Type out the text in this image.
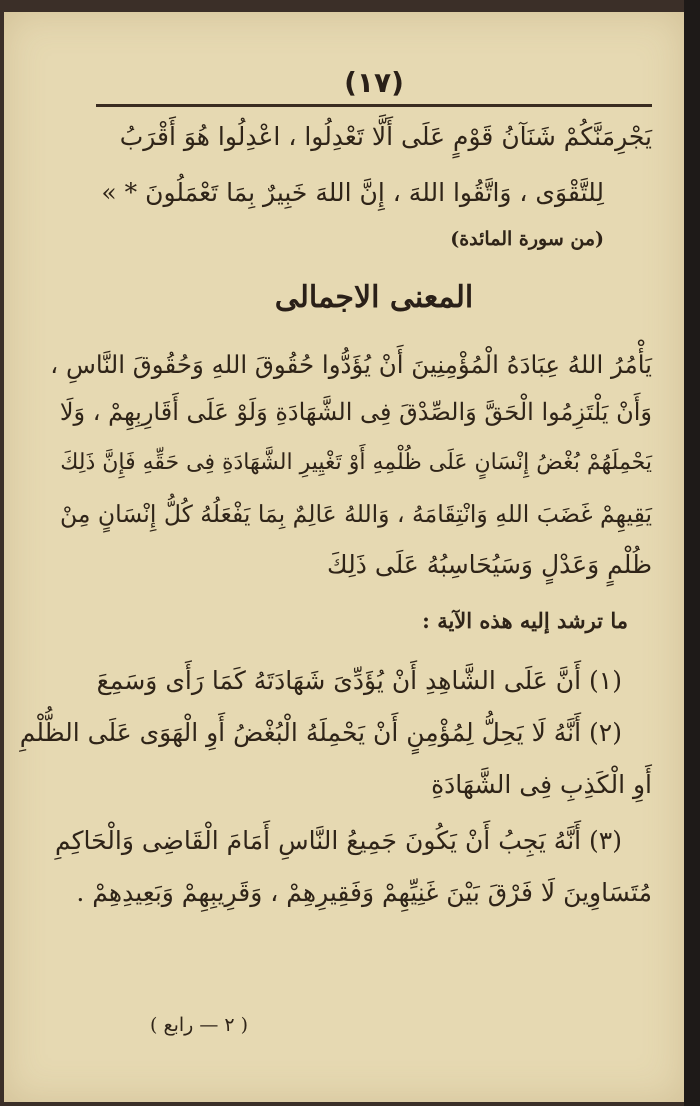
(١٧)
يَجْرِمَنَّكُمْ شَنَآنُ قَوْمٍ عَلَى أَلَّا تَعْدِلُوا ، اعْدِلُوا هُوَ أَقْرَبُ
لِلتَّقْوَى ، وَاتَّقُوا اللهَ ، إِنَّ اللهَ خَبِيرٌ بِمَا تَعْمَلُونَ * »
(من سورة المائدة)
المعنى الاجمالى
يَأْمُرُ اللهُ عِبَادَهُ الْمُؤْمِنِينَ أَنْ يُؤَدُّوا حُقُوقَ اللهِ وَحُقُوقَ النَّاسِ ،
وَأَنْ يَلْتَزِمُوا الْحَقَّ وَالصِّدْقَ فِى الشَّهَادَةِ وَلَوْ عَلَى أَقَارِبِهِمْ ، وَلَا
يَحْمِلَهُمْ بُغْضُ إِنْسَانٍ عَلَى ظُلْمِهِ أَوْ تَغْيِيرِ الشَّهَادَةِ فِى حَقِّهِ فَإِنَّ ذَلِكَ
يَقِيهِمْ غَضَبَ اللهِ وَانْتِقَامَهُ ، وَاللهُ عَالِمٌ بِمَا يَفْعَلُهُ كُلُّ إِنْسَانٍ مِنْ
ظُلْمٍ وَعَدْلٍ وَسَيُحَاسِبُهُ عَلَى ذَلِكَ
ما ترشد إليه هذه الآية :
(١) أَنَّ عَلَى الشَّاهِدِ أَنْ يُؤَدِّىَ شَهَادَتَهُ كَمَا رَأَى وَسَمِعَ
(٢) أَنَّهُ لَا يَحِلُّ لِمُؤْمِنٍ أَنْ يَحْمِلَهُ الْبُغْضُ أَوِ الْهَوَى عَلَى الظُّلْمِ
أَوِ الْكَذِبِ فِى الشَّهَادَةِ
(٣) أَنَّهُ يَجِبُ أَنْ يَكُونَ جَمِيعُ النَّاسِ أَمَامَ الْقَاضِى وَالْحَاكِمِ
مُتَسَاوِينَ لَا فَرْقَ بَيْنَ غَنِيِّهِمْ وَفَقِيرِهِمْ ، وَقَرِيبِهِمْ وَبَعِيدِهِمْ .
( ٢ — رابع )
